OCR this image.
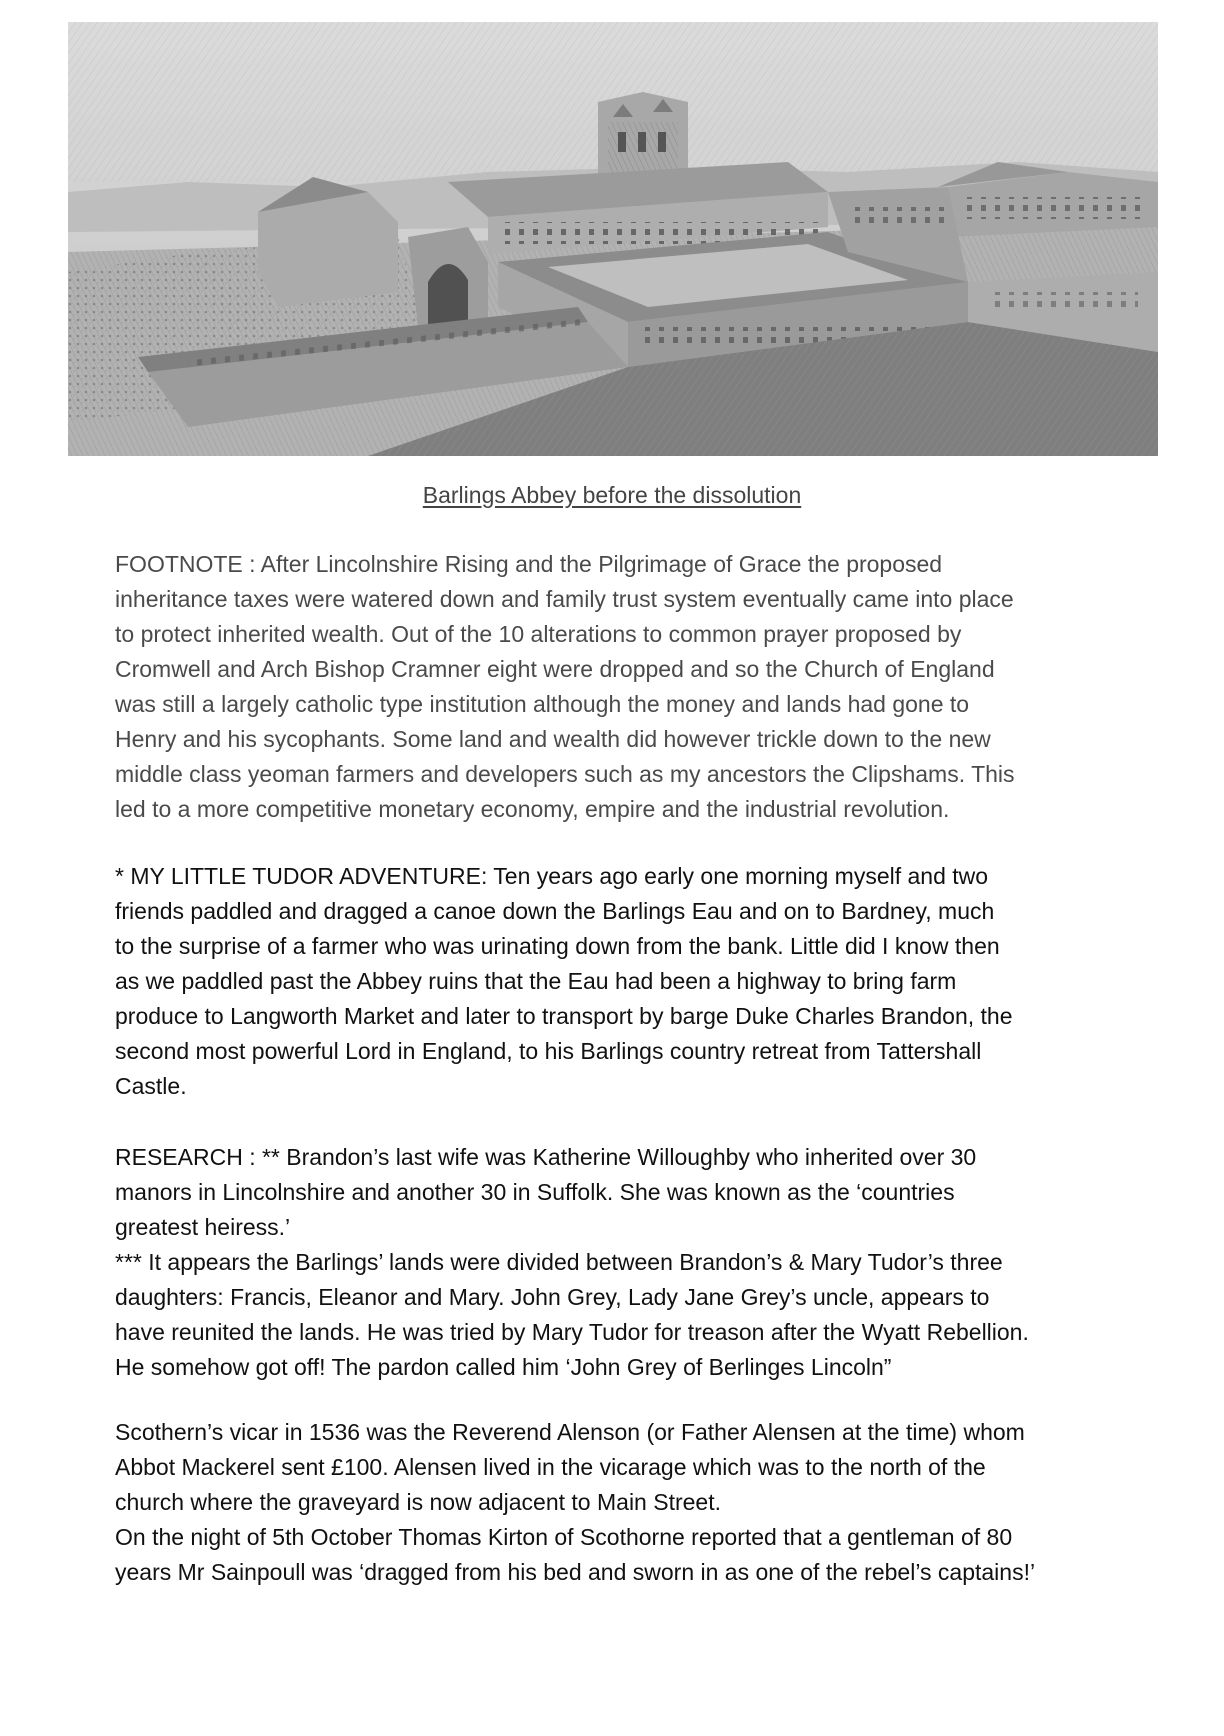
Barlings Abbey before the dissolution

FOOTNOTE : After Lincolnshire Rising and the Pilgrimage of Grace the proposed
inheritance taxes were watered down and family trust system eventually came into place
to protect inherited wealth. Out of the 10 alterations to common prayer proposed by
Cromwell and Arch Bishop Cramner eight were dropped and so the Church of England
was still a largely catholic type institution although the money and lands had gone to
Henry and his sycophants. Some land and wealth did however trickle down to the new
middle class yeoman farmers and developers such as my ancestors the Clipshams. This
led to a more competitive monetary economy, empire and the industrial revolution.

* MY LITTLE TUDOR ADVENTURE: Ten years ago early one morning myself and two
friends paddled and dragged a canoe down the Barlings Eau and on to Bardney, much
to the surprise of a farmer who was urinating down from the bank. Little did I know then
as we paddled past the Abbey ruins that the Eau had been a highway to bring farm
produce to Langworth Market and later to transport by barge Duke Charles Brandon, the
second most powerful Lord in England, to his Barlings country retreat from Tattershall
Castle.

RESEARCH : ** Brandon’s last wife was Katherine Willoughby who inherited over 30
manors in Lincolnshire and another 30 in Suffolk. She was known as the ‘countries
greatest heiress.’
*** It appears the Barlings’ lands were divided between Brandon’s & Mary Tudor’s three
daughters: Francis, Eleanor and Mary. John Grey, Lady Jane Grey’s uncle, appears to
have reunited the lands. He was tried by Mary Tudor for treason after the Wyatt Rebellion.
He somehow got off! The pardon called him ‘John Grey of Berlinges Lincoln”

Scothern’s vicar in 1536 was the Reverend Alenson (or Father Alensen at the time) whom
Abbot Mackerel sent £100. Alensen lived in the vicarage which was to the north of the
church where the graveyard is now adjacent to Main Street.
On the night of 5th October Thomas Kirton of Scothorne reported that a gentleman of 80
years Mr Sainpoull was ‘dragged from his bed and sworn in as one of the rebel’s captains!’
